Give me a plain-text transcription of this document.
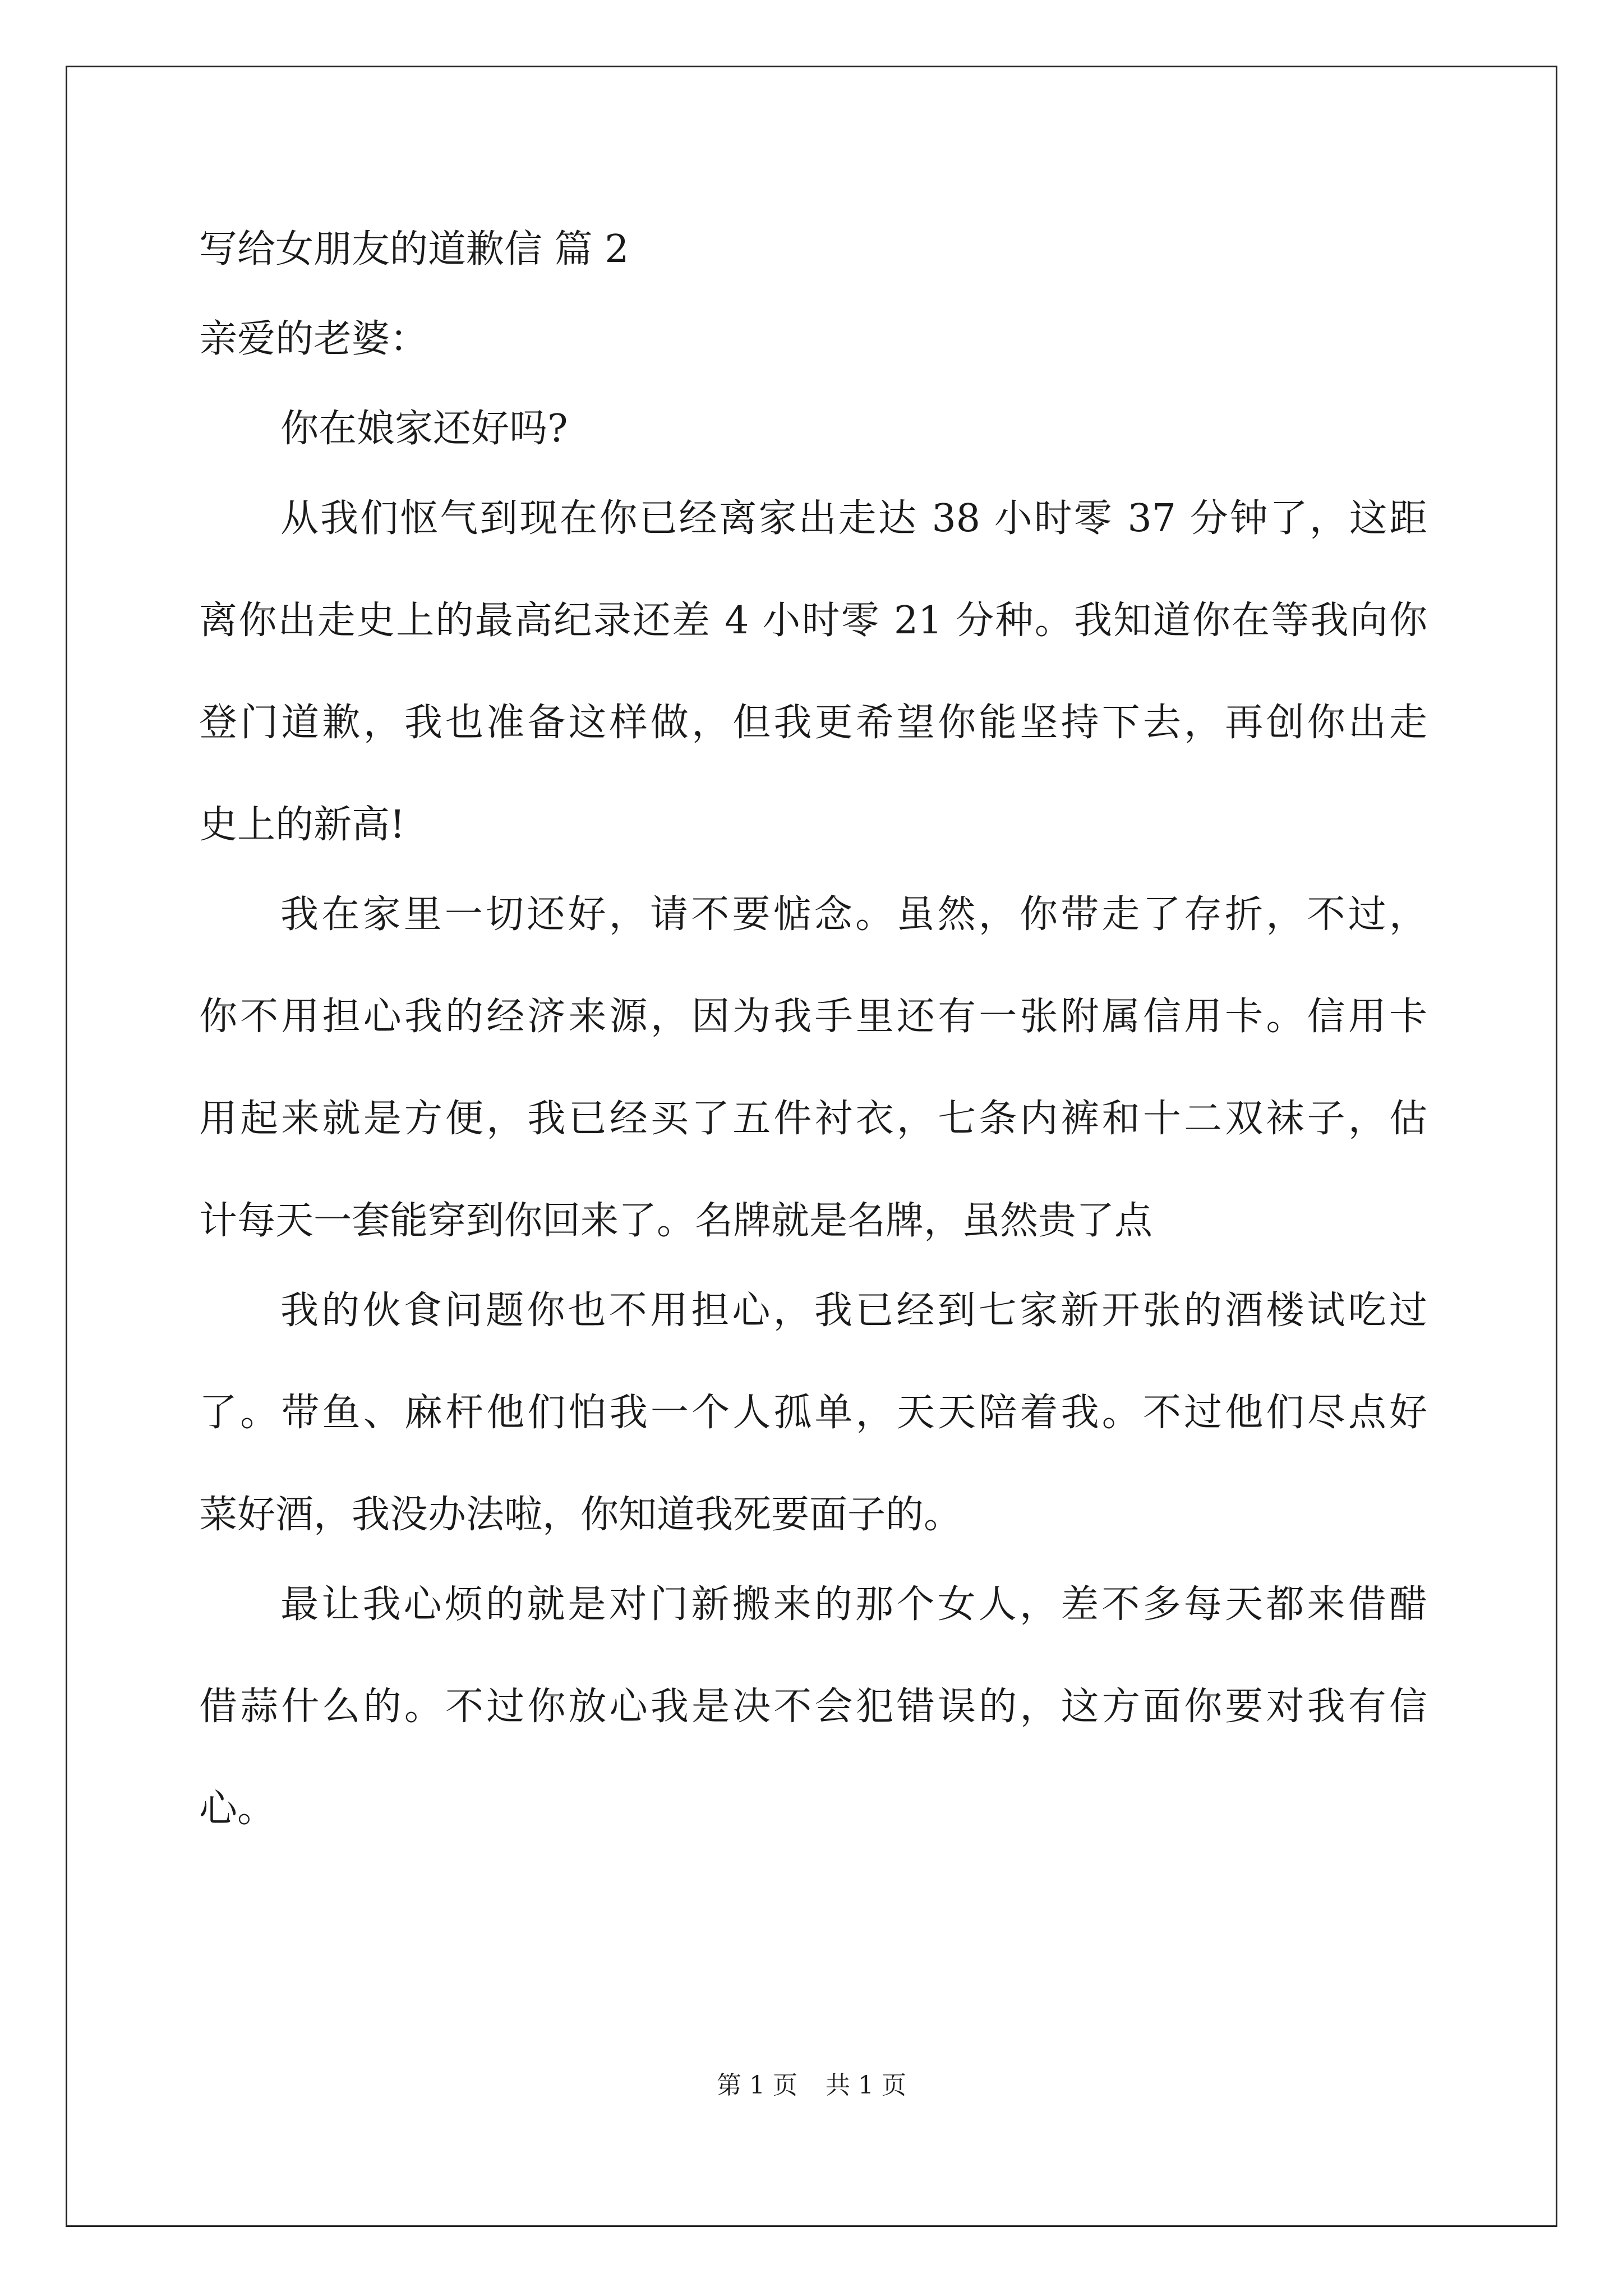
写给女朋友的道歉信 篇 2
亲爱的老婆：
你在娘家还好吗?
从我们怄气到现在你已经离家出走达 38 小时零 37 分钟了，这距
离你出走史上的最高纪录还差 4 小时零 21 分种。我知道你在等我向你
登门道歉，我也准备这样做，但我更希望你能坚持下去，再创你出走
史上的新高!
我在家里一切还好，请不要惦念。虽然，你带走了存折，不过，
你不用担心我的经济来源，因为我手里还有一张附属信用卡。信用卡
用起来就是方便，我已经买了五件衬衣，七条内裤和十二双袜子，估
计每天一套能穿到你回来了。名牌就是名牌，虽然贵了点
我的伙食问题你也不用担心，我已经到七家新开张的酒楼试吃过
了。带鱼、麻杆他们怕我一个人孤单，天天陪着我。不过他们尽点好
菜好酒，我没办法啦，你知道我死要面子的。
最让我心烦的就是对门新搬来的那个女人，差不多每天都来借醋
借蒜什么的。不过你放心我是决不会犯错误的，这方面你要对我有信
心。
第 1 页 共 1 页
